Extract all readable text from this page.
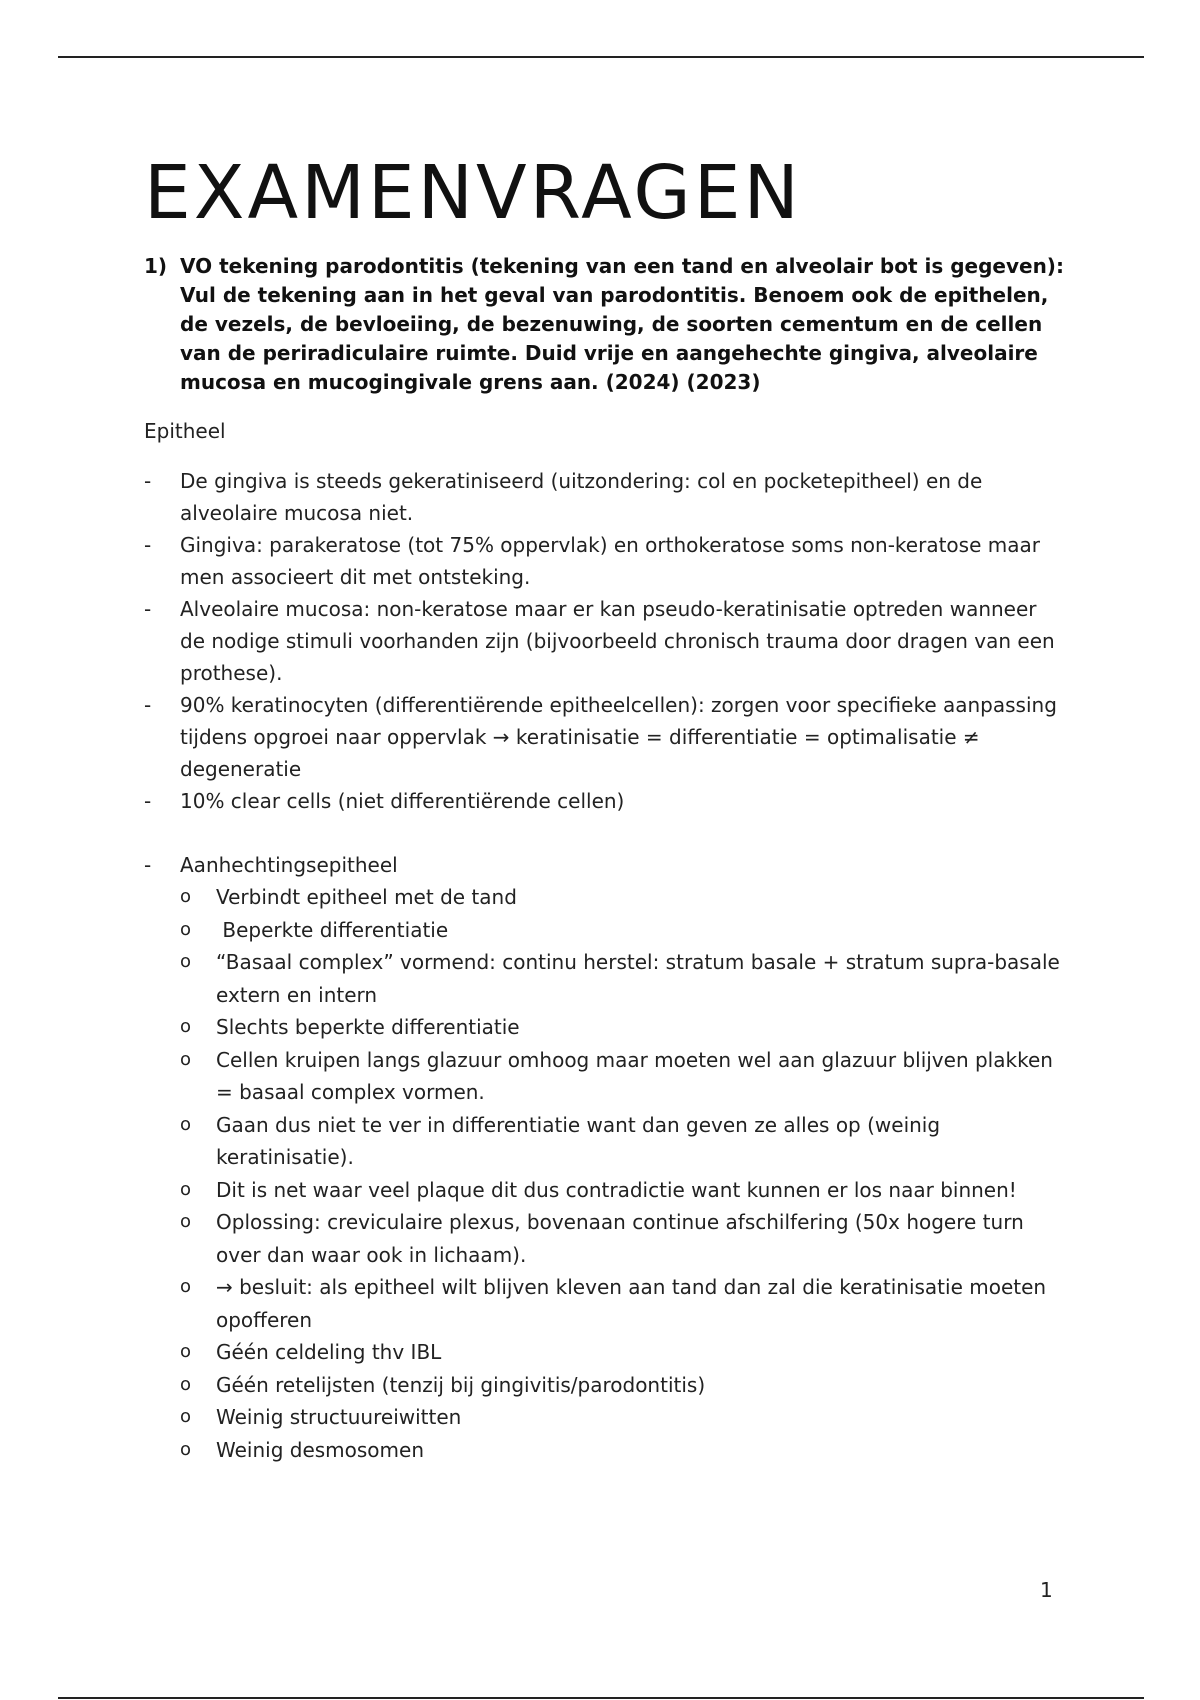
EXAMENVRAGEN
1) VO tekening parodontitis (tekening van een tand en alveolair bot is gegeven): Vul de tekening aan in het geval van parodontitis. Benoem ook de epithelen, de vezels, de bevloeiing, de bezenuwing, de soorten cementum en de cellen van de periradiculaire ruimte. Duid vrije en aangehechte gingiva, alveolaire mucosa en mucogingivale grens aan. (2024) (2023)
Epitheel
-	De gingiva is steeds gekeratiniseerd (uitzondering: col en pocketepitheel) en de alveolaire mucosa niet.
-	Gingiva: parakeratose (tot 75% oppervlak) en orthokeratose soms non-keratose maar men associeert dit met ontsteking.
-	Alveolaire mucosa: non-keratose maar er kan pseudo-keratinisatie optreden wanneer de nodige stimuli voorhanden zijn (bijvoorbeeld chronisch trauma door dragen van een prothese).
-	90% keratinocyten (differentiërende epitheelcellen): zorgen voor specifieke aanpassing tijdens opgroei naar oppervlak → keratinisatie = differentiatie = optimalisatie ≠ degeneratie
-	10% clear cells (niet differentiërende cellen)
-	Aanhechtingsepitheel
o Verbindt epitheel met de tand
o Beperkte differentiatie
o “Basaal complex” vormend: continu herstel: stratum basale + stratum supra-basale extern en intern
o Slechts beperkte differentiatie
o Cellen kruipen langs glazuur omhoog maar moeten wel aan glazuur blijven plakken = basaal complex vormen.
o Gaan dus niet te ver in differentiatie want dan geven ze alles op (weinig keratinisatie).
o Dit is net waar veel plaque dit dus contradictie want kunnen er los naar binnen!
o Oplossing: creviculaire plexus, bovenaan continue afschilfering (50x hogere turn over dan waar ook in lichaam).
o → besluit: als epitheel wilt blijven kleven aan tand dan zal die keratinisatie moeten opofferen
o Géén celdeling thv IBL
o Géén retelijsten (tenzij bij gingivitis/parodontitis)
o Weinig structuureiwitten
o Weinig desmosomen
1
